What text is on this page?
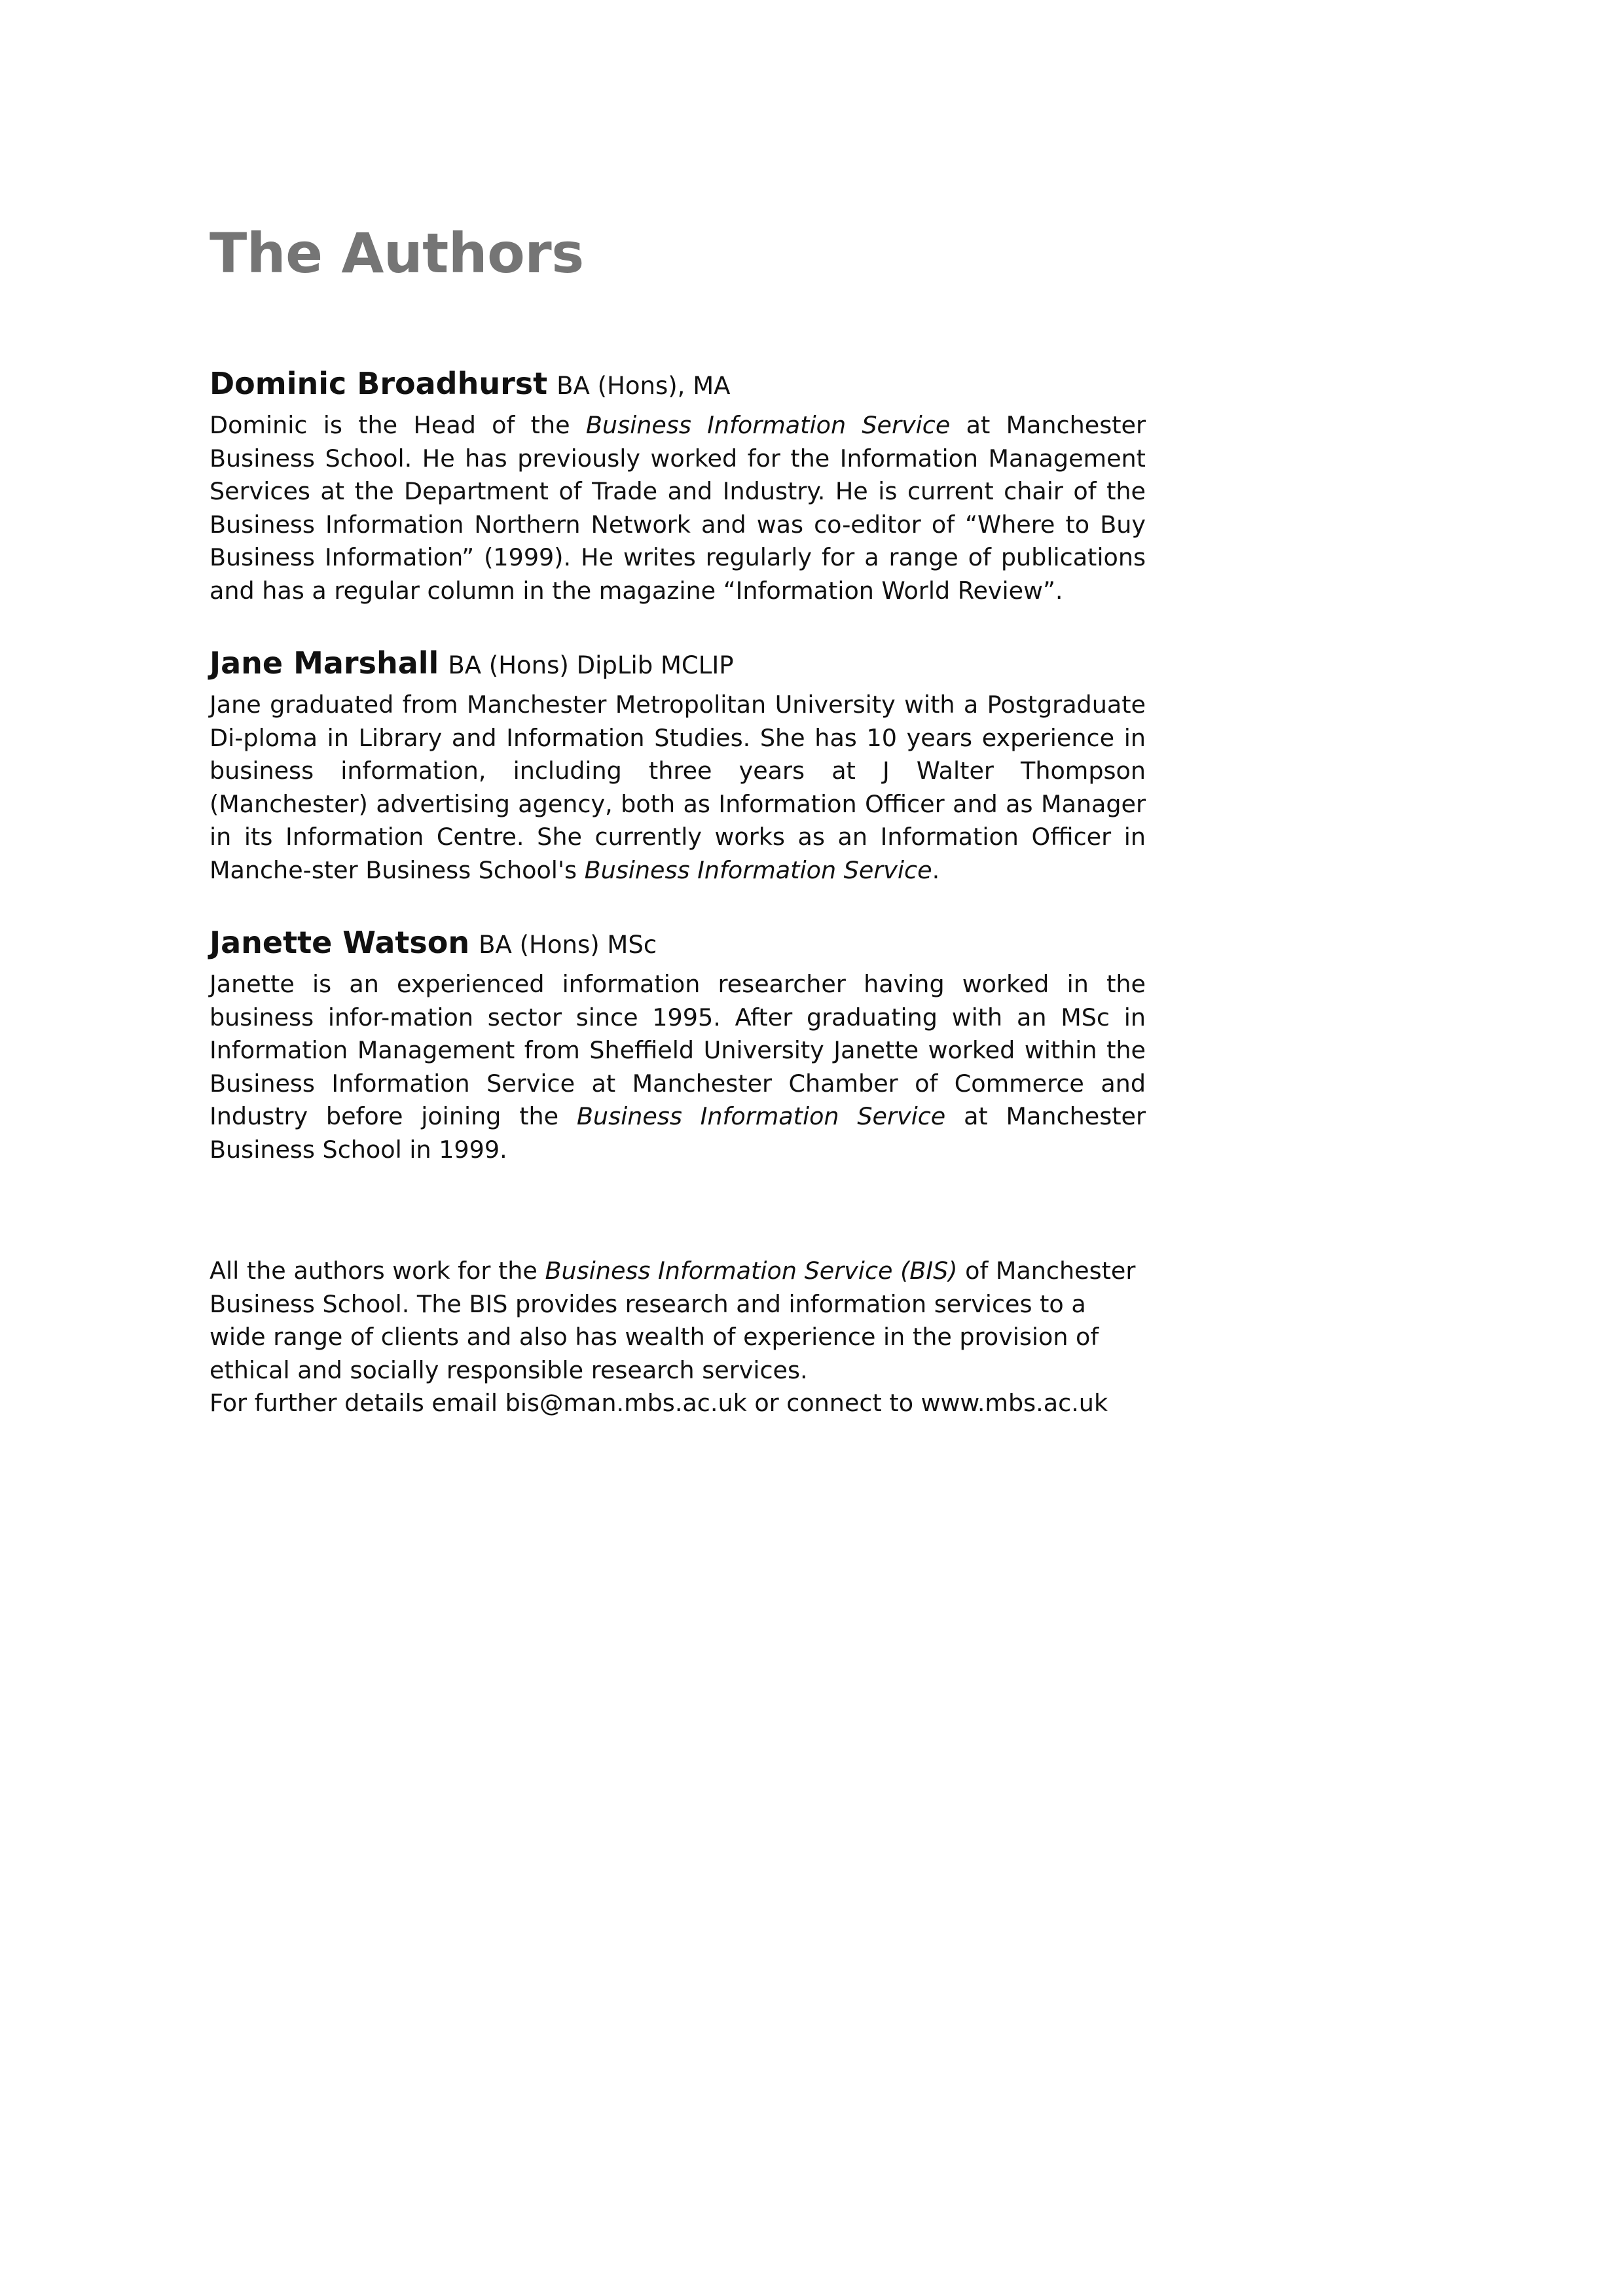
The Authors
Dominic Broadhurst BA (Hons), MA

Dominic is the Head of the Business Information Service at Manchester Business School. He has previously worked for the Information Management Services at the Department of Trade and Industry. He is current chair of the Business Information Northern Network and was co-editor of “Where to Buy Business Information” (1999). He writes regularly for a range of publications and has a regular column in the magazine “Information World Review”.

Jane Marshall BA (Hons) DipLib MCLIP

Jane graduated from Manchester Metropolitan University with a Postgraduate Di-ploma in Library and Information Studies. She has 10 years experience in business information, including three years at J Walter Thompson (Manchester) advertising agency, both as Information Officer and as Manager in its Information Centre. She currently works as an Information Officer in Manche-ster Business School's Business Information Service.

Janette Watson BA (Hons) MSc

Janette is an experienced information researcher having worked in the business infor-mation sector since 1995. After graduating with an MSc in Information Management from Sheffield University Janette worked within the Business Information Service at Manchester Chamber of Commerce and Industry before joining the Business Information Service at Manchester Business School in 1999.

All the authors work for the Business Information Service (BIS) of Manchester Business School. The BIS provides research and information services to a wide range of clients and also has wealth of experience in the provision of ethical and socially responsible research services.

For further details email bis@man.mbs.ac.uk or connect to www.mbs.ac.uk
